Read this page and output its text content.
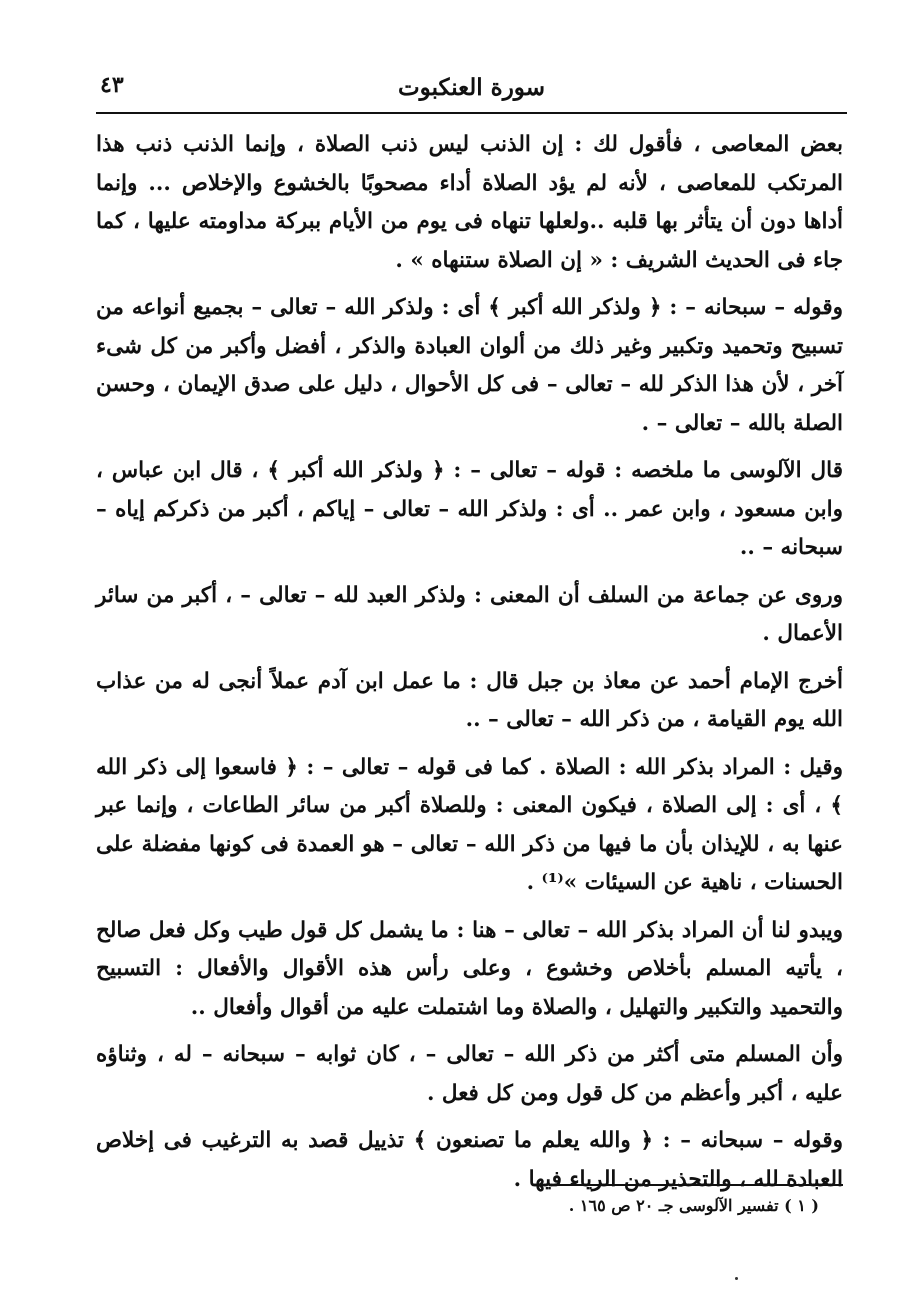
سورة العنكبوت
٤٣

بعض المعاصى ، فأقول لك : إن الذنب ليس ذنب الصلاة ، وإنما الذنب ذنب هذا المرتكب للمعاصى ، لأنه لم يؤد الصلاة أداء مصحوبًا بالخشوع والإخلاص ... وإنما أداها دون أن يتأثر بها قلبه ..ولعلها تنهاه فى يوم من الأيام ببركة مداومته عليها ، كما جاء فى الحديث الشريف : « إن الصلاة ستنهاه » .

وقوله – سبحانه – : ﴿ ولذكر الله أكبر ﴾ أى : ولذكر الله – تعالى – بجميع أنواعه من تسبيح وتحميد وتكبير وغير ذلك من ألوان العبادة والذكر ، أفضل وأكبر من كل شىء آخر ، لأن هذا الذكر لله – تعالى – فى كل الأحوال ، دليل على صدق الإيمان ، وحسن الصلة بالله – تعالى – .

قال الآلوسى ما ملخصه : قوله – تعالى – : ﴿ ولذكر الله أكبر ﴾ ، قال ابن عباس ، وابن مسعود ، وابن عمر .. أى : ولذكر الله – تعالى – إياكم ، أكبر من ذكركم إياه – سبحانه – ..

وروى عن جماعة من السلف أن المعنى : ولذكر العبد لله – تعالى – ، أكبر من سائر الأعمال .

أخرج الإمام أحمد عن معاذ بن جبل قال : ما عمل ابن آدم عملاً أنجى له من عذاب الله يوم القيامة ، من ذكر الله – تعالى – ..

وقيل : المراد بذكر الله : الصلاة . كما فى قوله – تعالى – : ﴿ فاسعوا إلى ذكر الله ﴾ ، أى : إلى الصلاة ، فيكون المعنى : وللصلاة أكبر من سائر الطاعات ، وإنما عبر عنها به ، للإيذان بأن ما فيها من ذكر الله – تعالى – هو العمدة فى كونها مفضلة على الحسنات ، ناهية عن السيئات »⁽¹⁾ .

ويبدو لنا أن المراد بذكر الله – تعالى – هنا : ما يشمل كل قول طيب وكل فعل صالح ، يأتيه المسلم بأخلاص وخشوع ، وعلى رأس هذه الأقوال والأفعال : التسبيح والتحميد والتكبير والتهليل ، والصلاة وما اشتملت عليه من أقوال وأفعال ..

وأن المسلم متى أكثر من ذكر الله – تعالى – ، كان ثوابه – سبحانه – له ، وثناؤه عليه ، أكبر وأعظم من كل قول ومن كل فعل .

وقوله – سبحانه – : ﴿ والله يعلم ما تصنعون ﴾ تذييل قصد به الترغيب فى إخلاص العبادة لله ، والتحذير من الرياء فيها .

( ١ ) تفسير الآلوسى جـ ٢٠ ص ١٦٥ .
